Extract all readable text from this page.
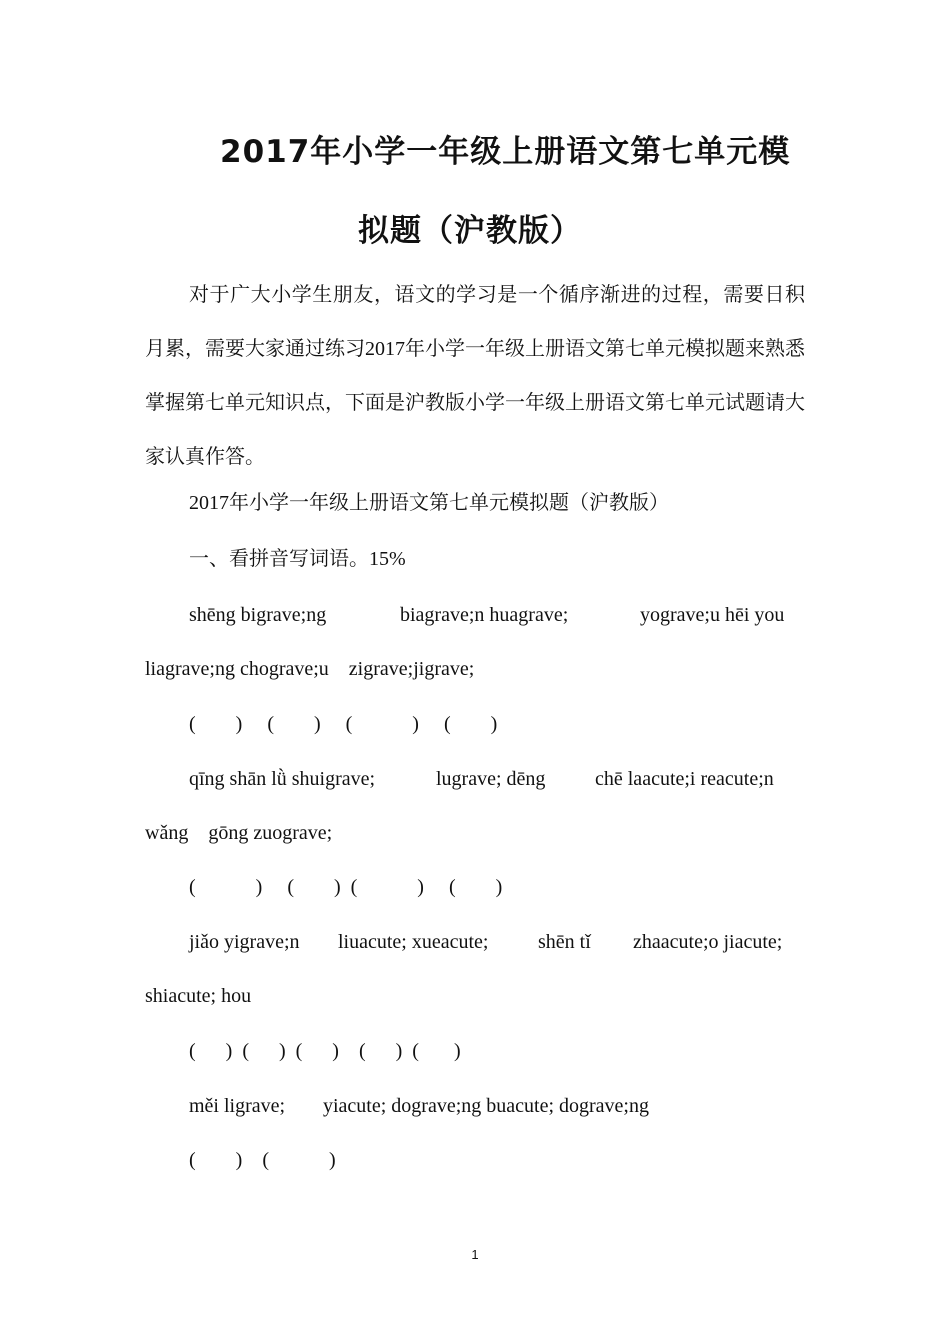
2017年小学一年级上册语文第七单元模
拟题（沪教版）

对于广大小学生朋友，语文的学习是一个循序渐进的过程，需要日积月累，需要大家通过练习2017年小学一年级上册语文第七单元模拟题来熟悉掌握第七单元知识点，下面是沪教版小学一年级上册语文第七单元试题请大家认真作答。

2017年小学一年级上册语文第七单元模拟题（沪教版）

一、看拼音写词语。15%

shēng bigrave;ng	biagrave;n huagrave;	yograve;u hēi you

liagrave;ng chograve;u    zigrave;jigrave;

(        )     (        )     (            )     (        )

qīng shān lǜ shuigrave;	lugrave; dēng chē laacute;i reacute;n

wǎng    gōng zuograve;

(            )     (        )  (            )     (        )

jiǎo yigrave;n liuacute; xueacute; shēn tǐ zhaacute;o jiacute;

shiacute; hou

(      )  (      )  (      )    (      )  (       )

měi ligrave; yiacute; dograve;ng buacute; dograve;ng

(        )    (            )

1
